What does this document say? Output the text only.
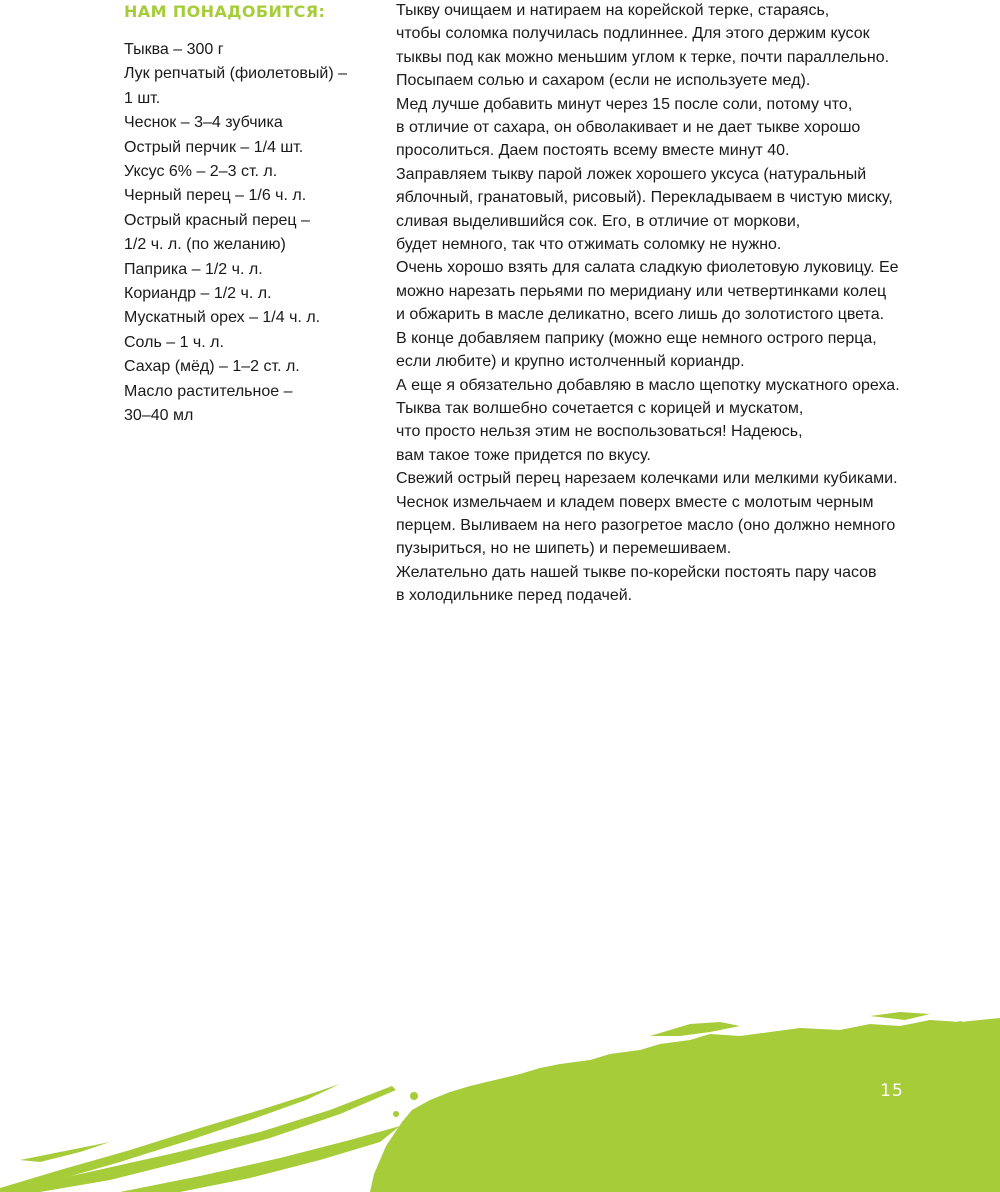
НАМ ПОНАДОБИТСЯ:
Тыква – 300 г
Лук репчатый (фиолетовый) –
1 шт.
Чеснок – 3–4 зубчика
Острый перчик – 1/4 шт.
Уксус 6% – 2–3 ст. л.
Черный перец – 1/6 ч. л.
Острый красный перец –
1/2 ч. л. (по желанию)
Паприка – 1/2 ч. л.
Кориандр – 1/2 ч. л.
Мускатный орех – 1/4 ч. л.
Соль – 1 ч. л.
Сахар (мёд) – 1–2 ст. л.
Масло растительное –
30–40 мл
Тыкву очищаем и натираем на корейской терке, стараясь,
чтобы соломка получилась подлиннее. Для этого держим кусок
тыквы под как можно меньшим углом к терке, почти параллельно.
Посыпаем солью и сахаром (если не используете мед).
Мед лучше добавить минут через 15 после соли, потому что,
в отличие от сахара, он обволакивает и не дает тыкве хорошо
просолиться. Даем постоять всему вместе минут 40.
Заправляем тыкву парой ложек хорошего уксуса (натуральный
яблочный, гранатовый, рисовый). Перекладываем в чистую миску,
сливая выделившийся сок. Его, в отличие от моркови,
будет немного, так что отжимать соломку не нужно.
Очень хорошо взять для салата сладкую фиолетовую луковицу. Ее
можно нарезать перьями по меридиану или четвертинками колец
и обжарить в масле деликатно, всего лишь до золотистого цвета.
В конце добавляем паприку (можно еще немного острого перца,
если любите) и крупно истолченный кориандр.
А еще я обязательно добавляю в масло щепотку мускатного ореха.
Тыква так волшебно сочетается с корицей и мускатом,
что просто нельзя этим не воспользоваться! Надеюсь,
вам такое тоже придется по вкусу.
Свежий острый перец нарезаем колечками или мелкими кубиками.
Чеснок измельчаем и кладем поверх вместе с молотым черным
перцем. Выливаем на него разогретое масло (оно должно немного
пузыриться, но не шипеть) и перемешиваем.
Желательно дать нашей тыкве по-корейски постоять пару часов
в холодильнике перед подачей.
15
